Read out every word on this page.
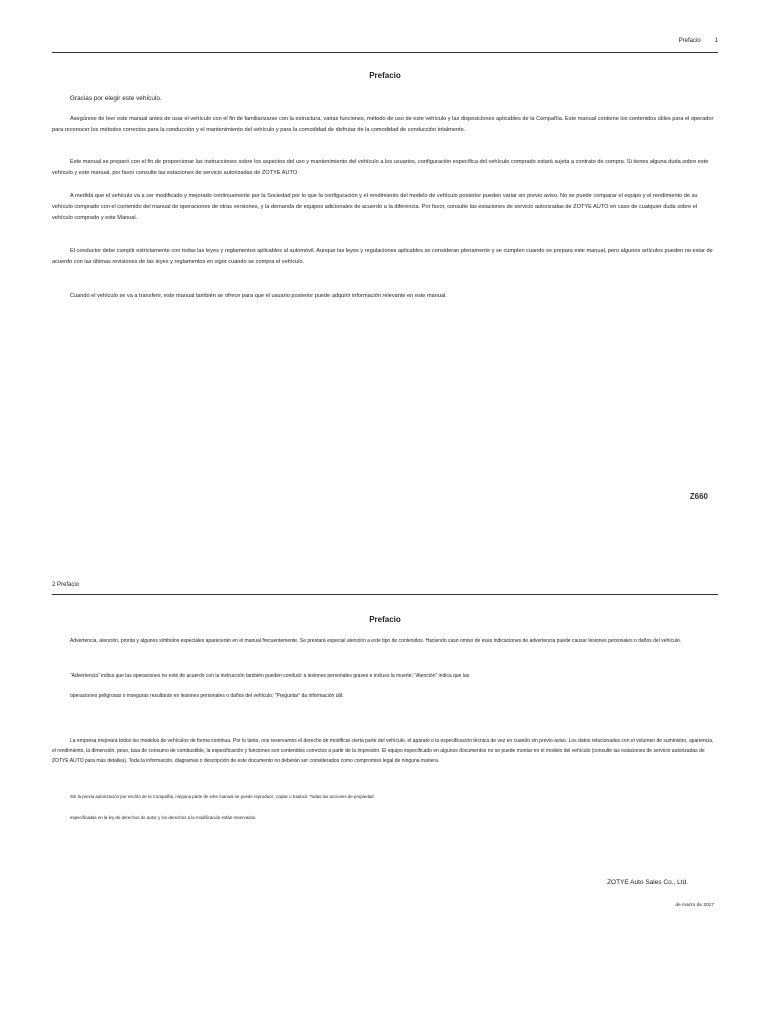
Prefacio 1
Prefacio
Gracias por elegir este vehículo.
Asegúrese de leer este manual antes de usar el vehículo con el fin de familiarizarse con la estructura, varias funciones, método de uso de este vehículo y las disposiciones aplicables de la Compañía. Este manual contiene los contenidos útiles para el operador para reconocer los métodos correctos para la conducción y el mantenimiento del vehículo y para la comodidad de disfrutar de la comodidad de conducción totalmente.
Este manual se preparó con el fin de proporcionar las instrucciones sobre los aspectos del uso y mantenimiento del vehículo a los usuarios, configuración específica del vehículo comprado estará sujeta a contrato de compra. Si tienes alguna duda sobre este vehículo y este manual, por favor consulte las estaciones de servicio autorizadas de ZOTYE AUTO.
A medida que el vehículo va a ser modificado y mejorado continuamente por la Sociedad por lo que la configuración y el rendimiento del modelo de vehículo posterior pueden variar sin previo aviso. No se puede comparar el equipo y el rendimiento de su vehículo comprado con el contenido del manual de operaciones de otras versiones, y la demanda de equipos adicionales de acuerdo a la diferencia. Por favor, consulte las estaciones de servicio autorizadas de ZOTYE AUTO en caso de cualquier duda sobre el vehículo comprado y este Manual.
El conductor debe cumplir estrictamente con todas las leyes y reglamentos aplicables al automóvil. Aunque las leyes y regulaciones aplicables se consideran plenamente y se cumplen cuando se prepara este manual, pero algunos artículos pueden no estar de acuerdo con las últimas revisiones de las leyes y reglamentos en vigor cuando se compra el vehículo.
Cuando el vehículo se va a transferir, este manual también se ofrece para que el usuario posterior puede adquirir información relevante en este manual.
Z660
2 Prefacio
Prefacio
Advertencia, atención, pronta y algunos símbolos especiales aparecerán en el manual frecuentemente. Se prestará especial atención a este tipo de contenidos. Haciendo caso omiso de esas indicaciones de advertencia puede causar lesiones personales o daños del vehículo.
“Advertencia” indica que las operaciones no esté de acuerdo con la instrucción también pueden conducir a lesiones personales graves e incluso la muerte; “Atención” indica que las
operaciones peligrosas o inseguras resultarán en lesiones personales o daños del vehículo; “Preguntar” da información útil.
La empresa mejorará todos los modelos de vehículos de forma continua. Por lo tanto, nos reservamos el derecho de modificar cierta parte del vehículo, el aparato o la especificación técnica de vez en cuando sin previo aviso. Los datos relacionados con el volumen de suministro, apariencia, el rendimiento, la dimensión, peso, tasa de consumo de combustible, la especificación y funciones son contenidos correctos a partir de la impresión. El equipo especificado en algunos documentos no se puede montar en el modelo del vehículo (consulte las estaciones de servicio autorizadas de ZOTYE AUTO para más detalles). Toda la información, diagramas o descripción de este documento no deberán ser considerados como compromiso legal de ninguna manera.
Sin la previa autorización por escrito de la Compañía, ninguna parte de este manual se puede reproducir, copiar o traducir. Todas las acciones de propiedad
especificadas en la ley de derechos de autor y los derechos a la modificación están reservados.
ZOTYE Auto Sales Co., Ltd.
de marzo de 2017
